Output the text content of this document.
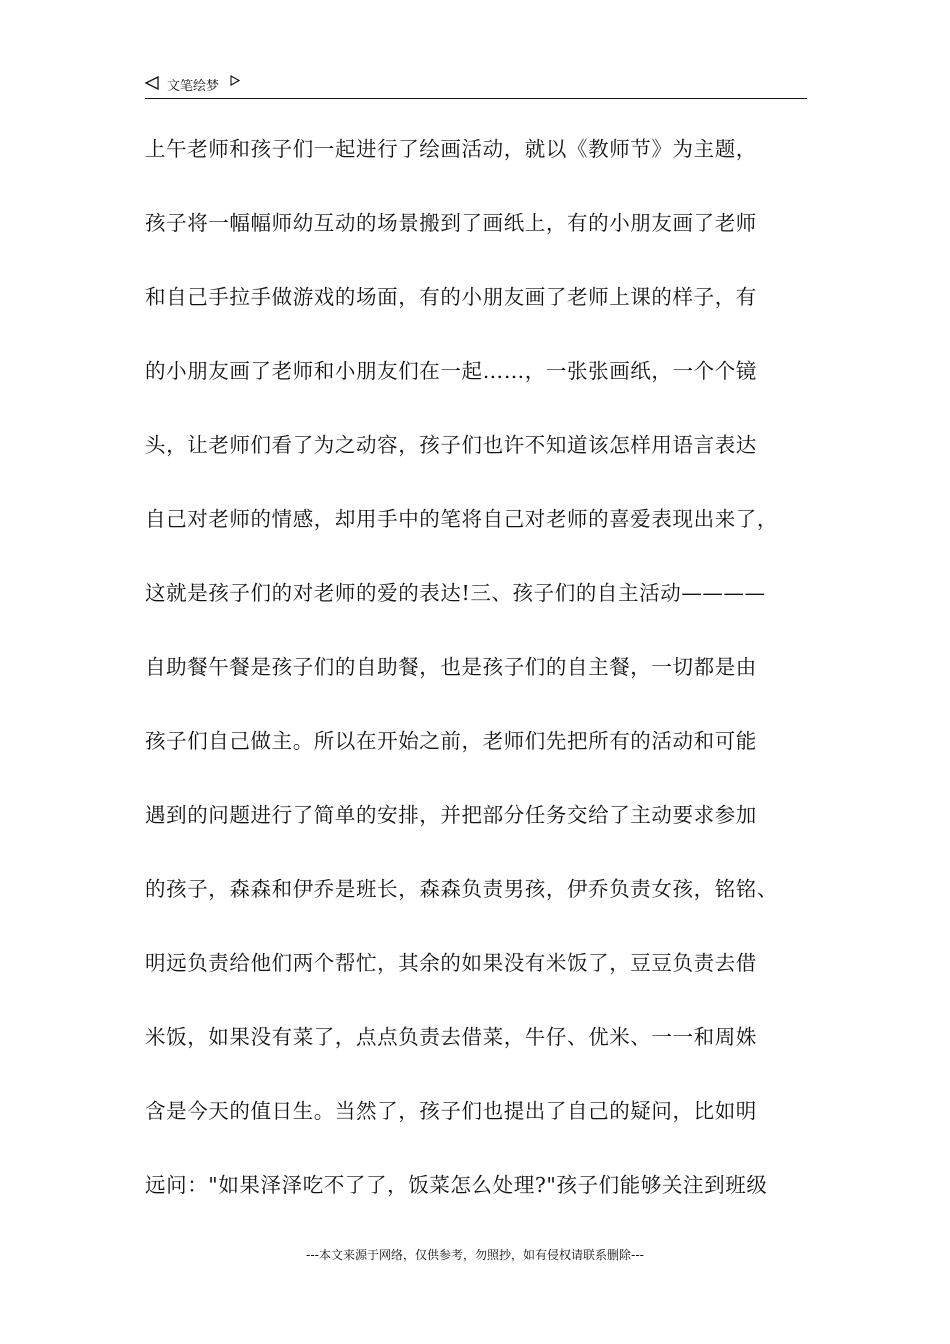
文笔绘梦
上午老师和孩子们一起进行了绘画活动，就以《教师节》为主题，
孩子将一幅幅师幼互动的场景搬到了画纸上，有的小朋友画了老师
和自己手拉手做游戏的场面，有的小朋友画了老师上课的样子，有
的小朋友画了老师和小朋友们在一起……，一张张画纸，一个个镜
头，让老师们看了为之动容，孩子们也许不知道该怎样用语言表达
自己对老师的情感，却用手中的笔将自己对老师的喜爱表现出来了，
这就是孩子们的对老师的爱的表达!三、孩子们的自主活动————
自助餐午餐是孩子们的自助餐，也是孩子们的自主餐，一切都是由
孩子们自己做主。所以在开始之前，老师们先把所有的活动和可能
遇到的问题进行了简单的安排，并把部分任务交给了主动要求参加
的孩子，森森和伊乔是班长，森森负责男孩，伊乔负责女孩，铭铭、
明远负责给他们两个帮忙，其余的如果没有米饭了，豆豆负责去借
米饭，如果没有菜了，点点负责去借菜，牛仔、优米、一一和周姝
含是今天的值日生。当然了，孩子们也提出了自己的疑问，比如明
远问："如果泽泽吃不了了，饭菜怎么处理?"孩子们能够关注到班级
---本文来源于网络，仅供参考，勿照抄，如有侵权请联系删除---
